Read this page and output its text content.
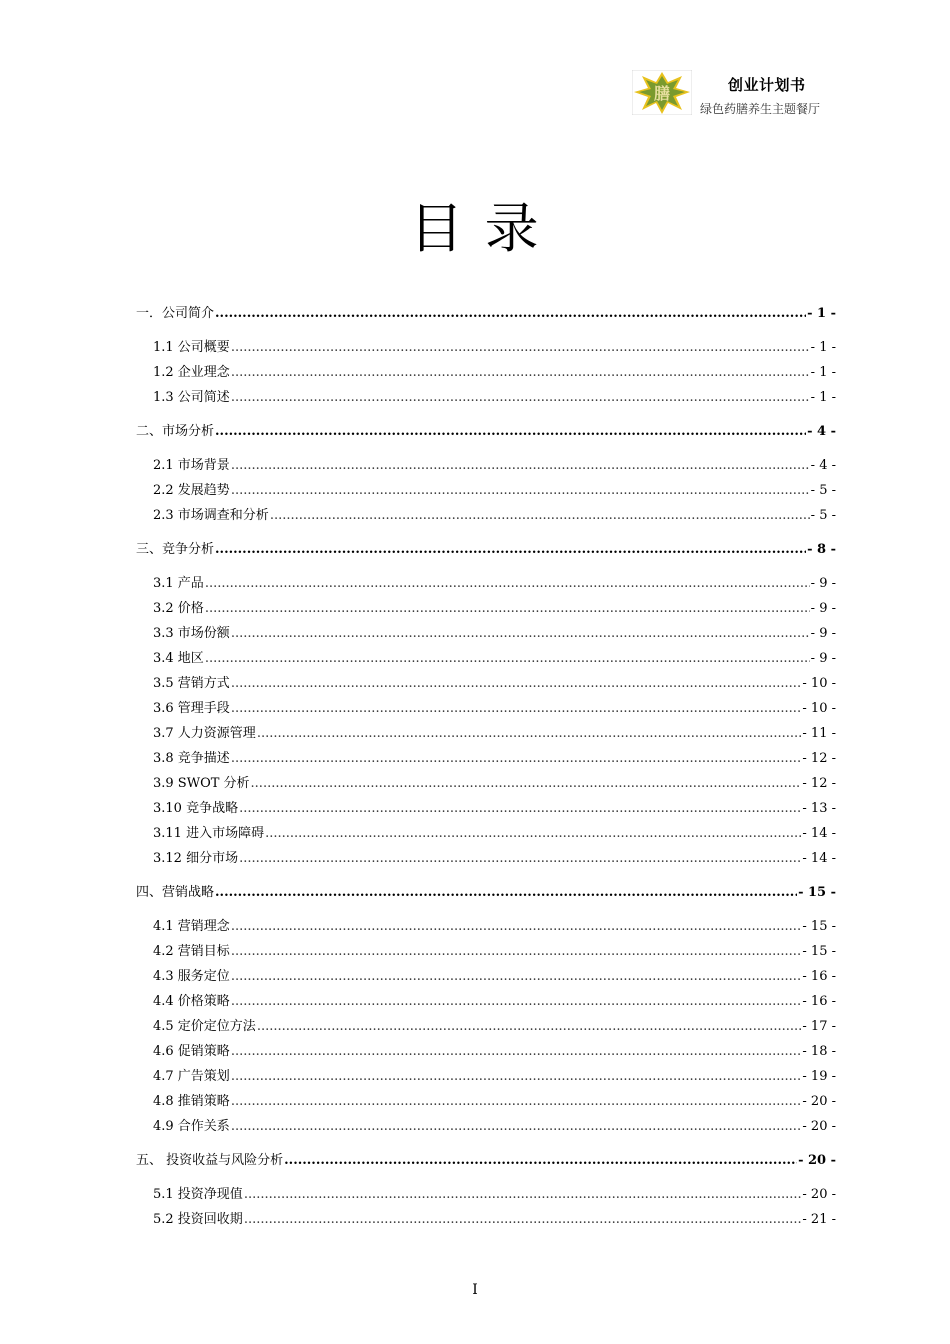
膳	创业计划书
绿色药膳养生主题餐厅
目 录
一．公司简介 .....	- 1 -
1.1 公司概要 .....	- 1 -
1.2 企业理念 .....	- 1 -
1.3 公司简述 .....	- 1 -
二、市场分析 .....	- 4 -
2.1 市场背景 .....	- 4 -
2.2 发展趋势 .....	- 5 -
2.3 市场调查和分析 .....	- 5 -
三、竞争分析 .....	- 8 -
3.1 产品 .....	- 9 -
3.2 价格 .....	- 9 -
3.3 市场份额 .....	- 9 -
3.4 地区 .....	- 9 -
3.5 营销方式 .....	- 10 -
3.6 管理手段 .....	- 10 -
3.7 人力资源管理 .....	- 11 -
3.8 竞争描述 .....	- 12 -
3.9 SWOT 分析 .....	- 12 -
3.10 竞争战略 .....	- 13 -
3.11 进入市场障碍 .....	- 14 -
3.12 细分市场 .....	- 14 -
四、营销战略 .....	- 15 -
4.1 营销理念 .....	- 15 -
4.2 营销目标 .....	- 15 -
4.3 服务定位 .....	- 16 -
4.4 价格策略 .....	- 16 -
4.5 定价定位方法 .....	- 17 -
4.6 促销策略 .....	- 18 -
4.7 广告策划 .....	- 19 -
4.8 推销策略 .....	- 20 -
4.9 合作关系 .....	- 20 -
五、 投资收益与风险分析 .....	- 20 -
5.1 投资净现值 .....	- 20 -
5.2 投资回收期 .....	- 21 -
I
